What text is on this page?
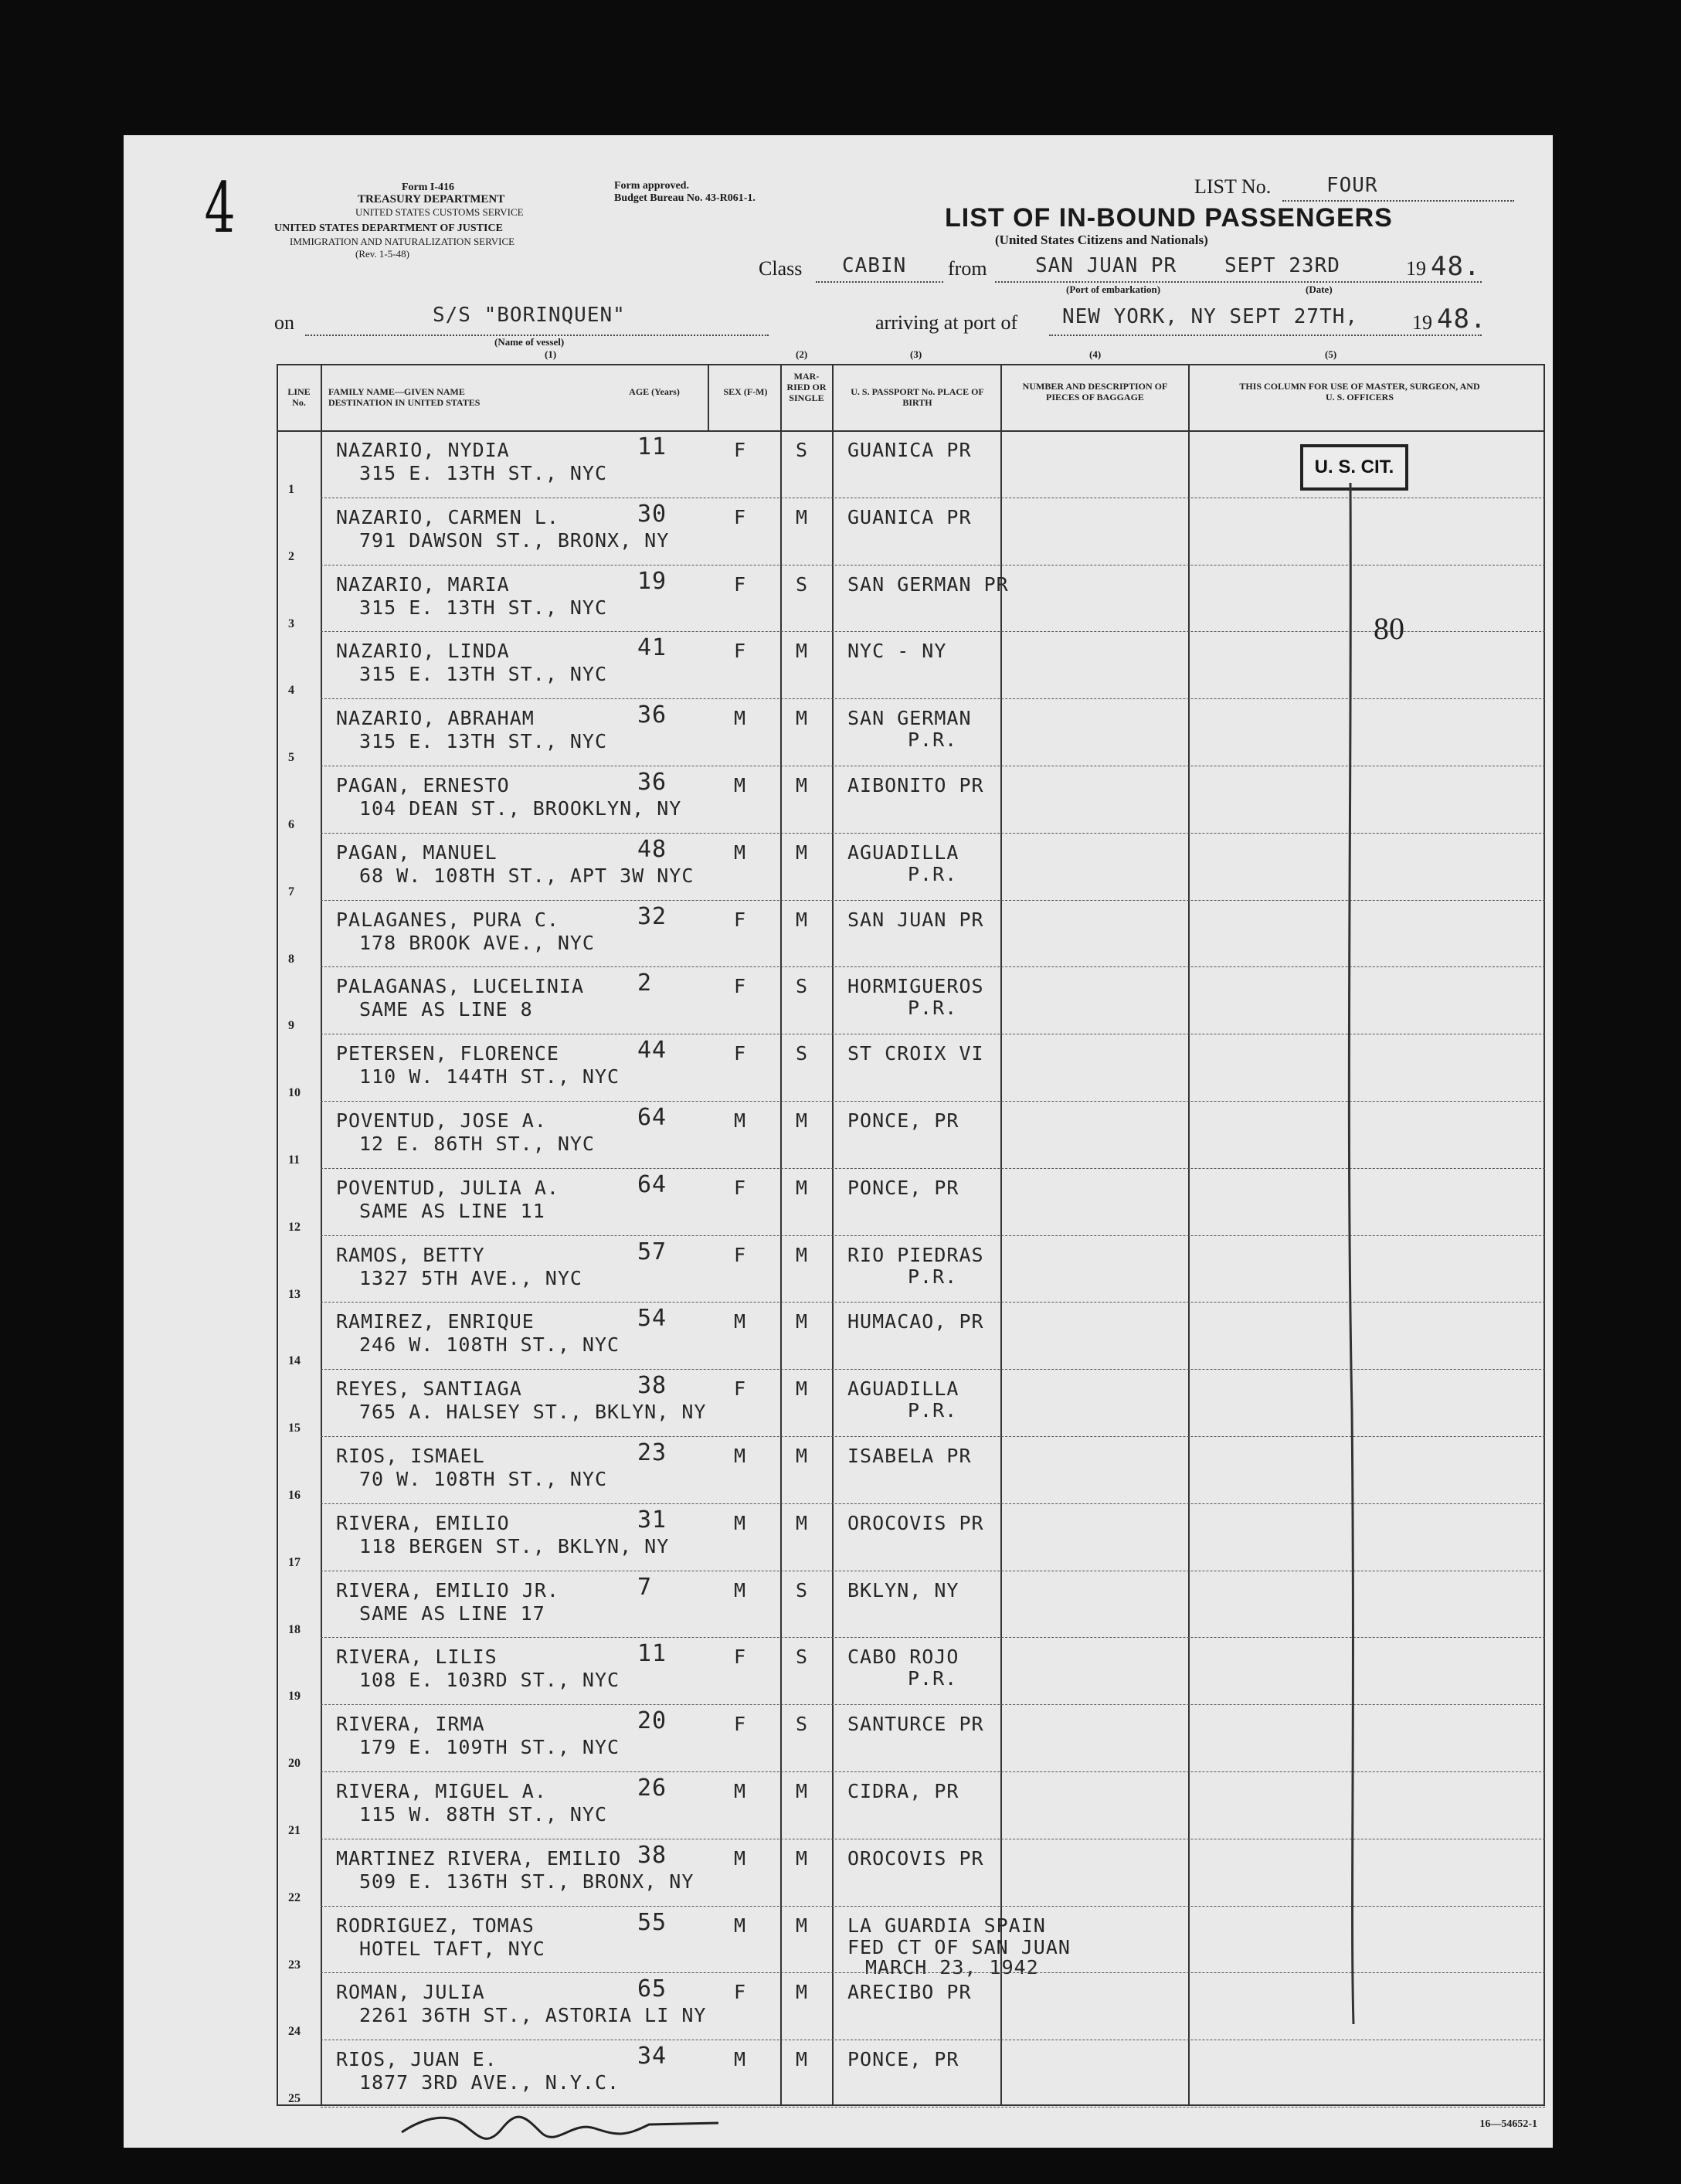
4	Form I-416
TREASURY DEPARTMENT
UNITED STATES CUSTOMS SERVICE
UNITED STATES DEPARTMENT OF JUSTICE
IMMIGRATION AND NATURALIZATION SERVICE
(Rev. 1-5-48)
Form approved.
Budget Bureau No. 43-R061-1.
LIST No.	FOUR
LIST OF IN-BOUND PASSENGERS
(United States Citizens and Nationals)
Class CABIN from SAN JUAN PR SEPT 23RD	19 48.
(Port of embarkation)	(Date)
on	S/S "BORINQUEN"
(Name of vessel)
arriving at port of NEW YORK, NY SEPT 27TH,	19 48.
(1)	(2)	(3)	(4)	(5)
LINE No.
FAMILY NAME—GIVEN NAME DESTINATION IN UNITED STATES
AGE (Years)	SEX (F-M)
MAR-RIED OR SINGLE
U. S. PASSPORT No. PLACE OF BIRTH
NUMBER AND DESCRIPTION OF PIECES OF BAGGAGE
THIS COLUMN FOR USE OF MASTER, SURGEON, AND U. S. OFFICERS
1
NAZARIO, NYDIA
315 E. 13TH ST., NYC
11	F	S GUANICA PR
2
NAZARIO, CARMEN L.
791 DAWSON ST., BRONX, NY
30	F	M GUANICA PR
3
NAZARIO, MARIA
315 E. 13TH ST., NYC
19	F	S SAN GERMAN PR
4
NAZARIO, LINDA
315 E. 13TH ST., NYC
41	F	M NYC - NY
5
NAZARIO, ABRAHAM
315 E. 13TH ST., NYC
36	M	M SAN GERMAN
P.R.
6
PAGAN, ERNESTO
104 DEAN ST., BROOKLYN, NY
36	M	M AIBONITO PR
7
PAGAN, MANUEL
68 W. 108TH ST., APT 3W NYC
48	M	M AGUADILLA
P.R.
8
PALAGANES, PURA C.
178 BROOK AVE., NYC
32	F	M SAN JUAN PR
9
PALAGANAS, LUCELINIA
SAME AS LINE 8
2	F	S HORMIGUEROS
P.R.
10
PETERSEN, FLORENCE
110 W. 144TH ST., NYC
44	F	S ST CROIX VI
11
POVENTUD, JOSE A.
12 E. 86TH ST., NYC
64	M	M PONCE, PR
12
POVENTUD, JULIA A.
SAME AS LINE 11
64	F	M PONCE, PR
13
RAMOS, BETTY
1327 5TH AVE., NYC
57	F	M RIO PIEDRAS
P.R.
14
RAMIREZ, ENRIQUE
246 W. 108TH ST., NYC
54	M	M HUMACAO, PR
15
REYES, SANTIAGA
765 A. HALSEY ST., BKLYN, NY
38	F	M AGUADILLA
P.R.
16
RIOS, ISMAEL
70 W. 108TH ST., NYC
23	M	M ISABELA PR
17
RIVERA, EMILIO
118 BERGEN ST., BKLYN, NY
31	M	M OROCOVIS PR
18
RIVERA, EMILIO JR.
SAME AS LINE 17
7	M	S BKLYN, NY
19
RIVERA, LILIS
108 E. 103RD ST., NYC
11	F	S CABO ROJO
P.R.
20
RIVERA, IRMA
179 E. 109TH ST., NYC
20	F	S SANTURCE PR
21
RIVERA, MIGUEL A.
115 W. 88TH ST., NYC
26	M	M CIDRA, PR
22
MARTINEZ RIVERA, EMILIO
509 E. 136TH ST., BRONX, NY
38	M	M OROCOVIS PR
23
RODRIGUEZ, TOMAS
HOTEL TAFT, NYC
55	M	M LA GUARDIA SPAIN
FED CT OF SAN JUAN
MARCH 23, 1942
24
ROMAN, JULIA
2261 36TH ST., ASTORIA LI NY
65	F	M ARECIBO PR
25
RIOS, JUAN E.
1877 3RD AVE., N.Y.C.
34	M	M PONCE, PR
U. S. CIT.
80
16—54652-1
